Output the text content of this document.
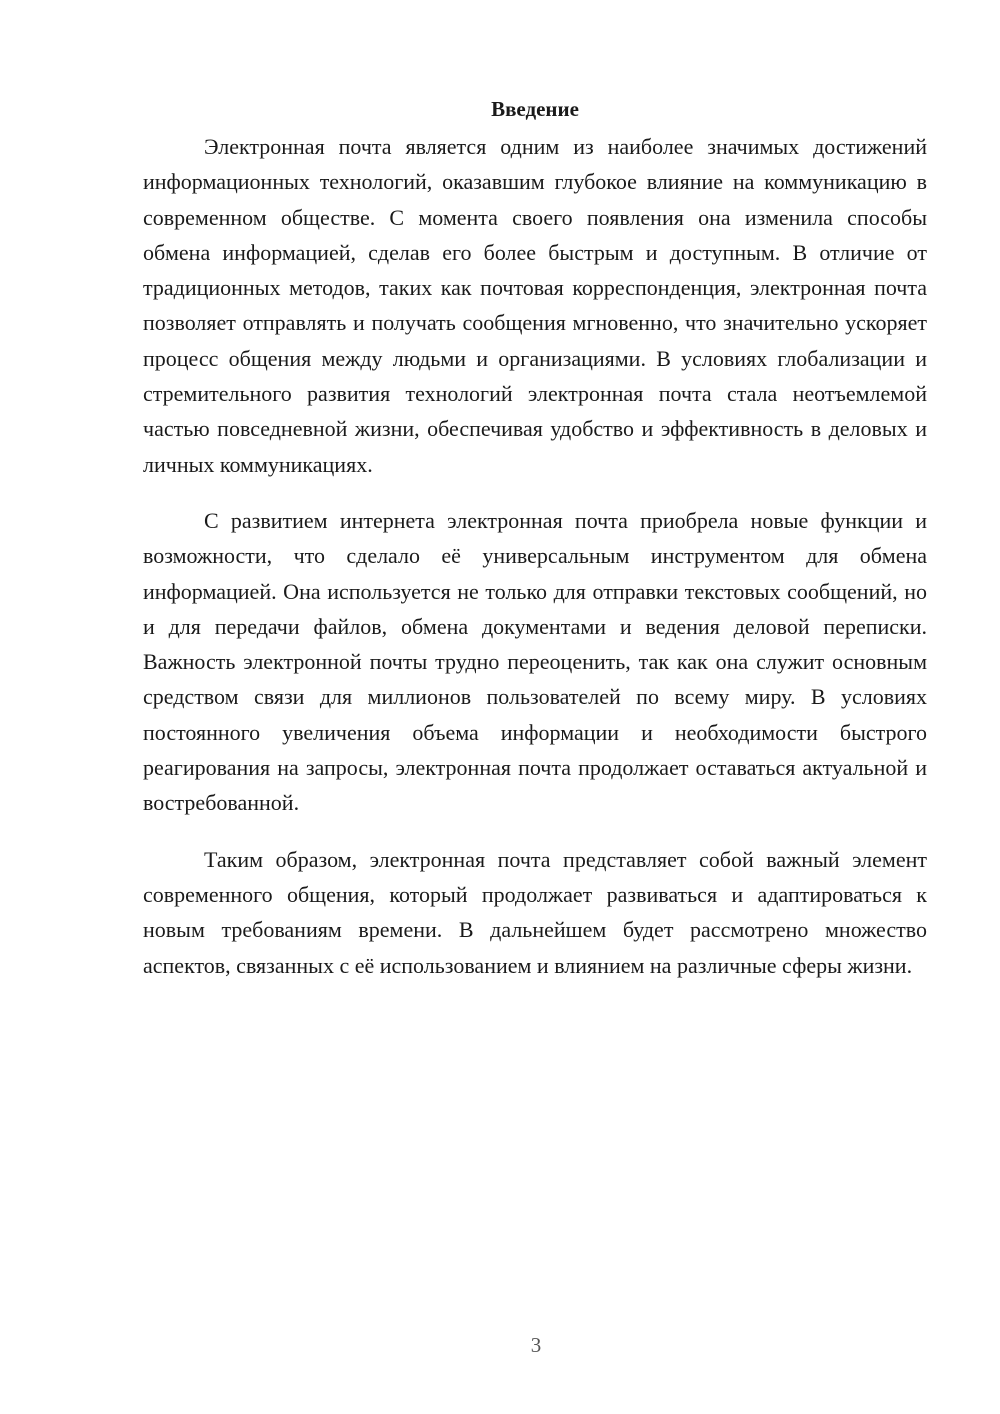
Введение

Электронная почта является одним из наиболее значимых достижений информационных технологий, оказавшим глубокое влияние на коммуникацию в современном обществе. С момента своего появления она изменила способы обмена информацией, сделав его более быстрым и доступным. В отличие от традиционных методов, таких как почтовая корреспонденция, электронная почта позволяет отправлять и получать сообщения мгновенно, что значительно ускоряет процесс общения между людьми и организациями. В условиях глобализации и стремительного развития технологий электронная почта стала неотъемлемой частью повседневной жизни, обеспечивая удобство и эффективность в деловых и личных коммуникациях.

С развитием интернета электронная почта приобрела новые функции и возможности, что сделало её универсальным инструментом для обмена информацией. Она используется не только для отправки текстовых сообщений, но и для передачи файлов, обмена документами и ведения деловой переписки. Важность электронной почты трудно переоценить, так как она служит основным средством связи для миллионов пользователей по всему миру. В условиях постоянного увеличения объема информации и необходимости быстрого реагирования на запросы, электронная почта продолжает оставаться актуальной и востребованной.

Таким образом, электронная почта представляет собой важный элемент современного общения, который продолжает развиваться и адаптироваться к новым требованиям времени. В дальнейшем будет рассмотрено множество аспектов, связанных с её использованием и влиянием на различные сферы жизни.

3
